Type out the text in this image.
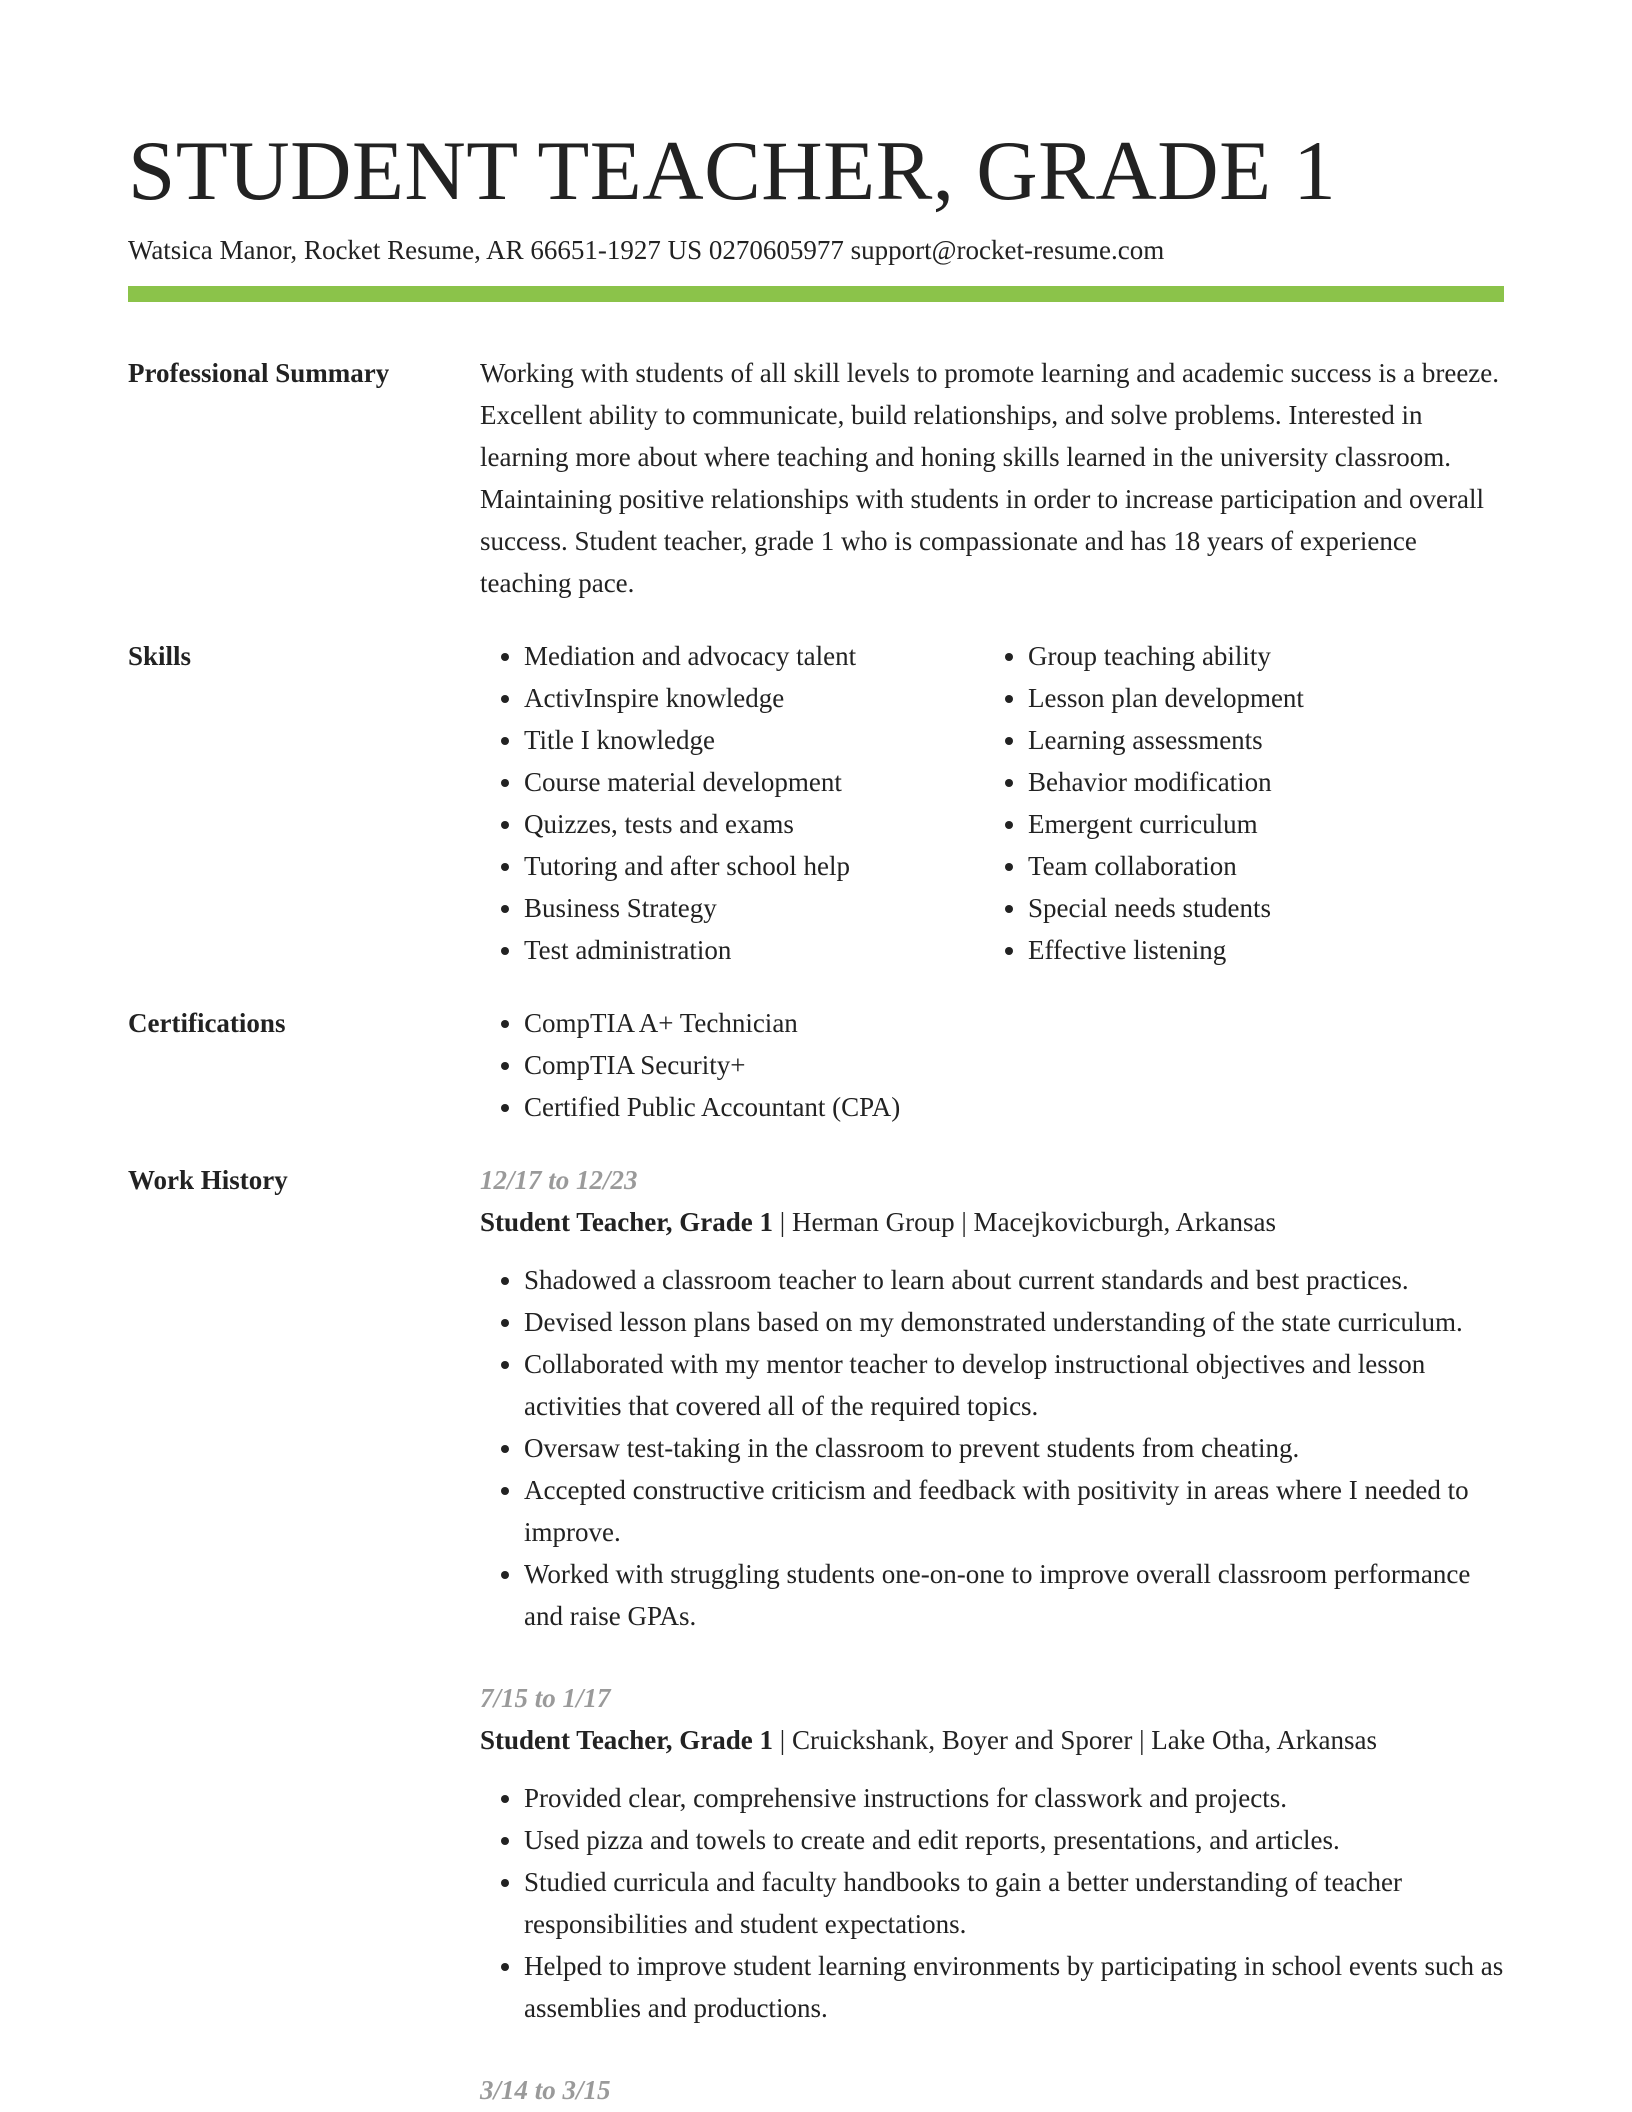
STUDENT TEACHER, GRADE 1
Watsica Manor, Rocket Resume, AR 66651-1927 US 0270605977 support@rocket-resume.com
Professional Summary	Working with students of all skill levels to promote learning and academic success is a breeze. Excellent ability to communicate, build relationships, and solve problems. Interested in learning more about where teaching and honing skills learned in the university classroom. Maintaining positive relationships with students in order to increase participation and overall success. Student teacher, grade 1 who is compassionate and has 18 years of experience teaching pace.

Skills	• Mediation and advocacy talent
• ActivInspire knowledge
• Title I knowledge
• Course material development
• Quizzes, tests and exams
• Tutoring and after school help
• Business Strategy
• Test administration
• Group teaching ability
• Lesson plan development
• Learning assessments
• Behavior modification
• Emergent curriculum
• Team collaboration
• Special needs students
• Effective listening
Certifications	• CompTIA A+ Technician
• CompTIA Security+
• Certified Public Accountant (CPA)
Work History	12/17 to 12/23
Student Teacher, Grade 1 | Herman Group | Macejkovicburgh, Arkansas
• Shadowed a classroom teacher to learn about current standards and best practices.
• Devised lesson plans based on my demonstrated understanding of the state curriculum.
• Collaborated with my mentor teacher to develop instructional objectives and lesson activities that covered all of the required topics.
• Oversaw test-taking in the classroom to prevent students from cheating.
• Accepted constructive criticism and feedback with positivity in areas where I needed to improve.
• Worked with struggling students one-on-one to improve overall classroom performance and raise GPAs.
7/15 to 1/17
Student Teacher, Grade 1 | Cruickshank, Boyer and Sporer | Lake Otha, Arkansas
• Provided clear, comprehensive instructions for classwork and projects.
• Used pizza and towels to create and edit reports, presentations, and articles.
• Studied curricula and faculty handbooks to gain a better understanding of teacher responsibilities and student expectations.
• Helped to improve student learning environments by participating in school events such as assemblies and productions.
3/14 to 3/15
